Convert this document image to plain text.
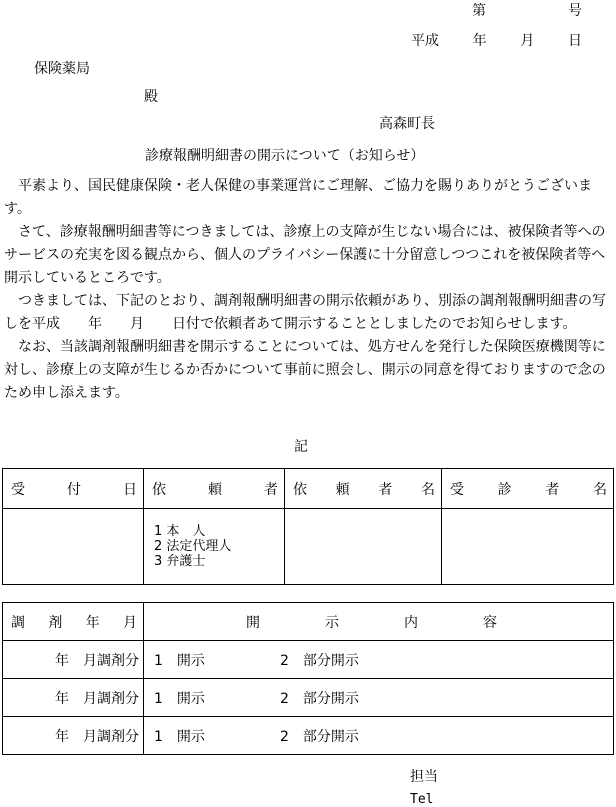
第	号
平成 年 月 日
保険薬局
殿
高森町長
診療報酬明細書の開示について（お知らせ）

平素より、国民健康保険・老人保健の事業運営にご理解、ご協力を賜りありがとうございます。

さて、診療報酬明細書等につきましては、診療上の支障が生じない場合には、被保険者等へのサービスの充実を図る観点から、個人のプライバシー保護に十分留意しつつこれを被保険者等へ開示しているところです。

つきましては、下記のとおり、調剤報酬明細書の開示依頼があり、別添の調剤報酬明細書の写しを平成　　年　　月　　日付で依頼者あて開示することとしましたのでお知らせします。

なお、当該調剤報酬明細書を開示することについては、処方せんを発行した保険医療機関等に対し、診療上の支障が生じるか否かについて事前に照会し、開示の同意を得ておりますので念のため申し添えます。

記
受 付 日	依 頼 者	依 頼 者 名	受 診 者 名

	1 本　人
2 法定代理人
3 弁護士		

調 剤 年 月	開 示 内 容

年　月調剤分	1　開示 2　部分開示

年　月調剤分	1　開示 2　部分開示

年　月調剤分	1　開示 2　部分開示
担当
Tel
